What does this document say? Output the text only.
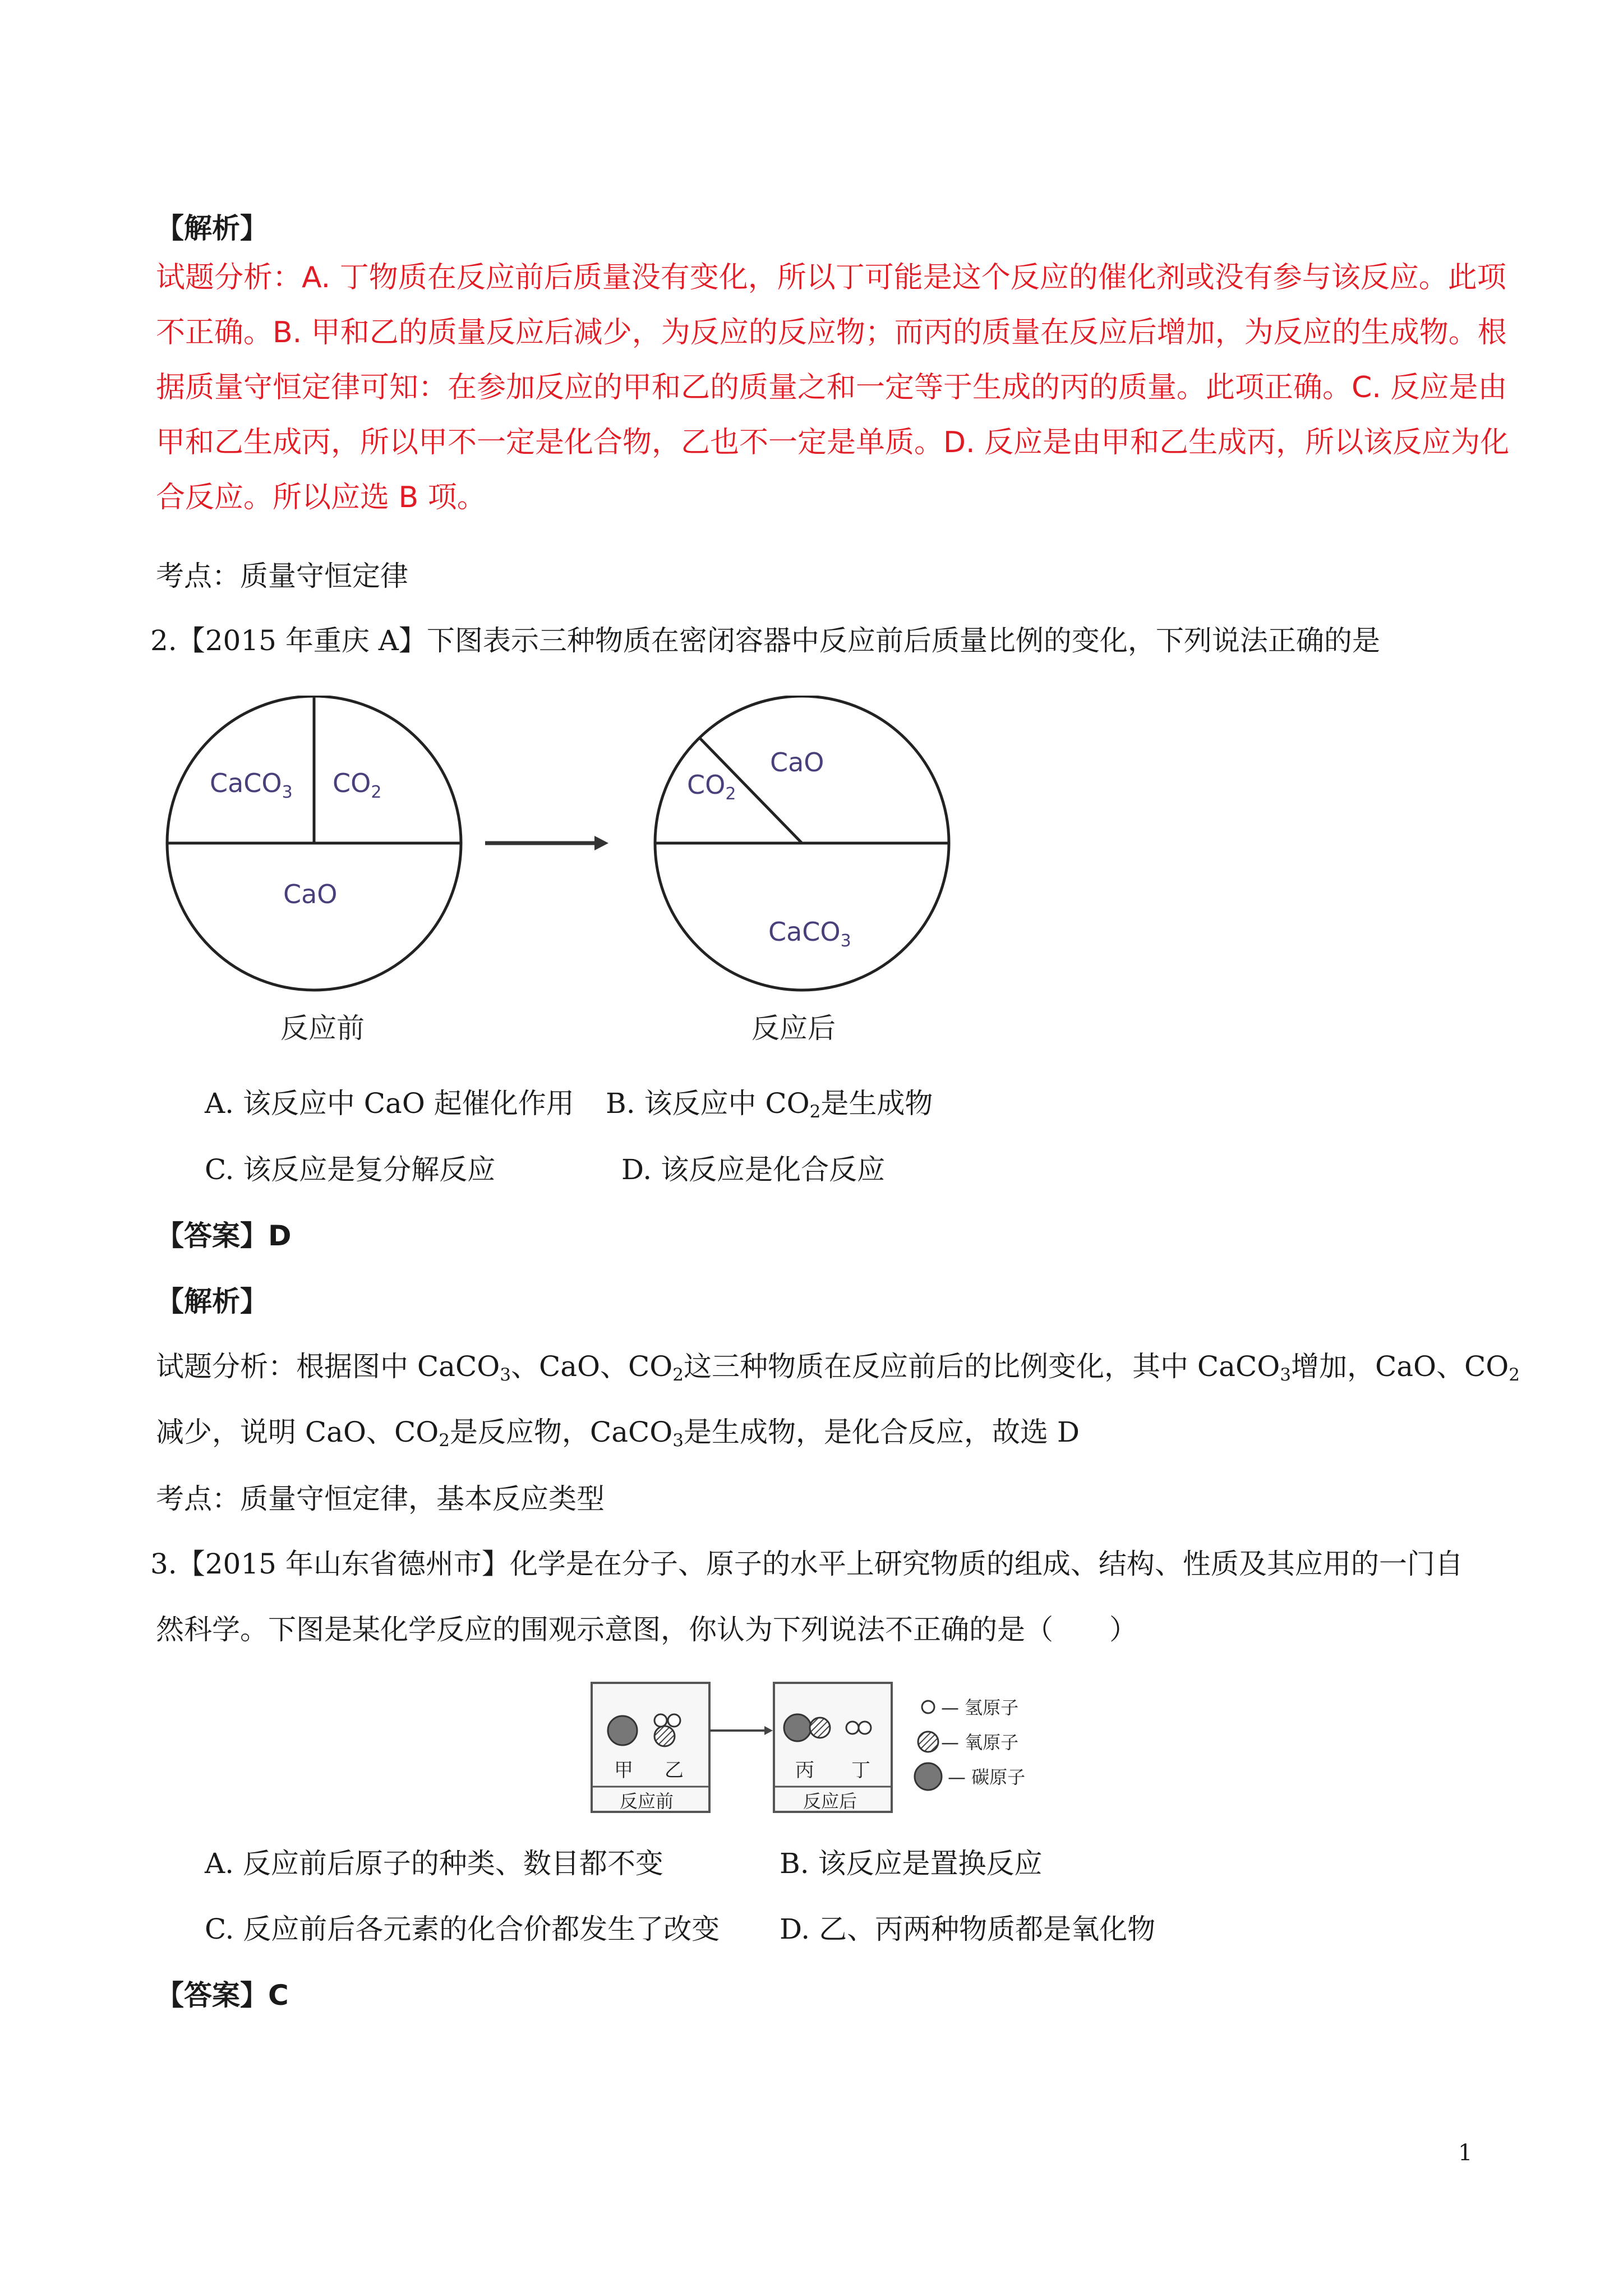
【解析】
试题分析：A. 丁物质在反应前后质量没有变化，所以丁可能是这个反应的催化剂或没有参与该反应。此项
不正确。B. 甲和乙的质量反应后减少，为反应的反应物；而丙的质量在反应后增加，为反应的生成物。根
据质量守恒定律可知：在参加反应的甲和乙的质量之和一定等于生成的丙的质量。此项正确。C. 反应是由
甲和乙生成丙，所以甲不一定是化合物，乙也不一定是单质。D. 反应是由甲和乙生成丙，所以该反应为化
合反应。所以应选 B 项。
考点：质量守恒定律
2.【2015 年重庆 A】下图表示三种物质在密闭容器中反应前后质量比例的变化，下列说法正确的是
CaCO$_3$ $CO_2$
CaO
反应前
$CO_2$
CaO
CaCO$_3$
反应后
A. 该反应中 CaO 起催化作用 B. 该反应中 $CO_2$是生成物
C. 该反应是复分解反应	D. 该反应是化合反应
【答案】D
【解析】
试题分析：根据图中 CaCO$_3$、CaO、$CO_2$这三种物质在反应前后的比例变化，其中 CaCO$_3$增加，CaO、$CO_2$
减少，说明 CaO、$CO_2$是反应物，CaCO$_3$是生成物，是化合反应，故选 D
考点：质量守恒定律，基本反应类型
3.【2015 年山东省德州市】化学是在分子、原子的水平上研究物质的组成、结构、性质及其应用的一门自
然科学。下图是某化学反应的围观示意图，你认为下列说法不正确的是（　　）
甲 乙
反应前
丙 丁
反应后
— 氢原子
— 氧原子
— 碳原子
A. 反应前后原子的种类、数目都不变	B. 该反应是置换反应
C. 反应前后各元素的化合价都发生了改变 D. 乙、丙两种物质都是氧化物
【答案】C
1
